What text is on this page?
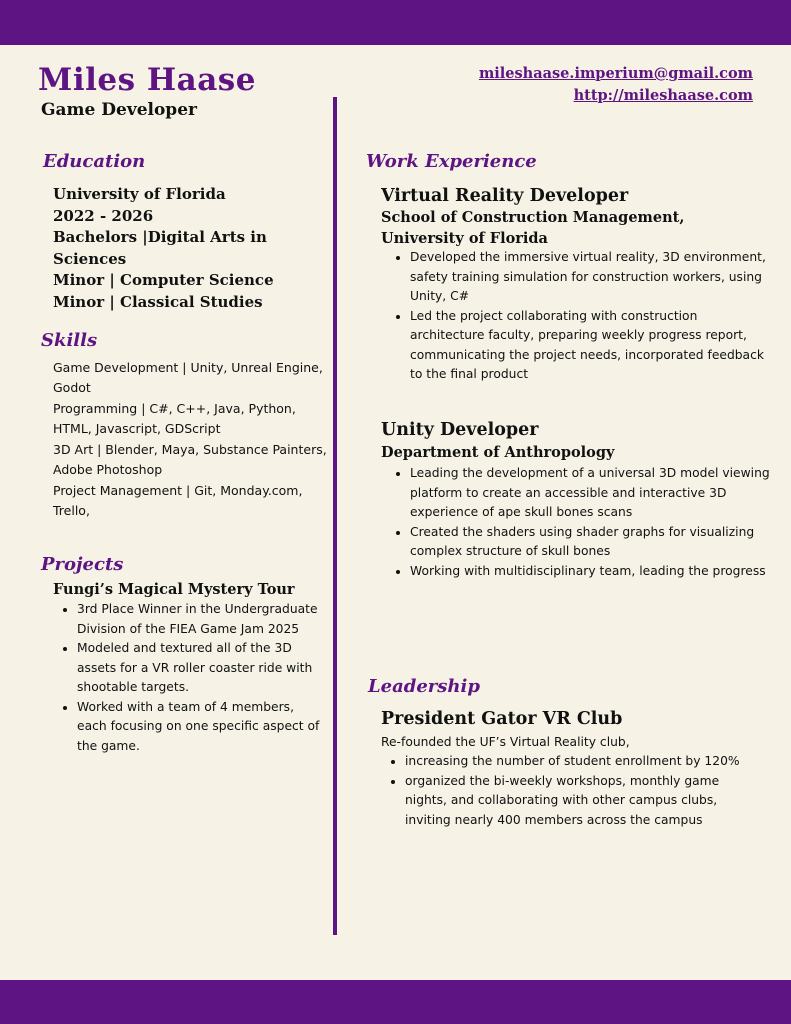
Miles Haase
Game Developer
mileshaase.imperium@gmail.com
http://mileshaase.com
Education
University of Florida
2022 - 2026
Bachelors |Digital Arts in Sciences
Minor | Computer Science
Minor | Classical Studies
Skills

Game Development | Unity, Unreal Engine, Godot

Programming | C#, C++, Java, Python, HTML, Javascript, GDScript

3D Art | Blender, Maya, Substance Painters, Adobe Photoshop

Project Management | Git, Monday.com, Trello,

Projects
Fungi’s Magical Mystery Tour
• 3rd Place Winner in the Undergraduate Division of the FIEA Game Jam 2025
• Modeled and textured all of the 3D assets for a VR roller coaster ride with shootable targets.
• Worked with a team of 4 members, each focusing on one specific aspect of the game.
Work Experience
Virtual Reality Developer
School of Construction Management, University of Florida
• Developed the immersive virtual reality, 3D environment, safety training simulation for construction workers, using Unity, C#
• Led the project collaborating with construction architecture faculty, preparing weekly progress report, communicating the project needs, incorporated feedback to the final product
Unity Developer
Department of Anthropology
• Leading the development of a universal 3D model viewing platform to create an accessible and interactive 3D experience of ape skull bones scans
• Created the shaders using shader graphs for visualizing complex structure of skull bones
• Working with multidisciplinary team, leading the progress
Leadership
President Gator VR Club

Re-founded the UF’s Virtual Reality club,

• increasing the number of student enrollment by 120%
• organized the bi-weekly workshops, monthly game nights, and collaborating with other campus clubs, inviting nearly 400 members across the campus
